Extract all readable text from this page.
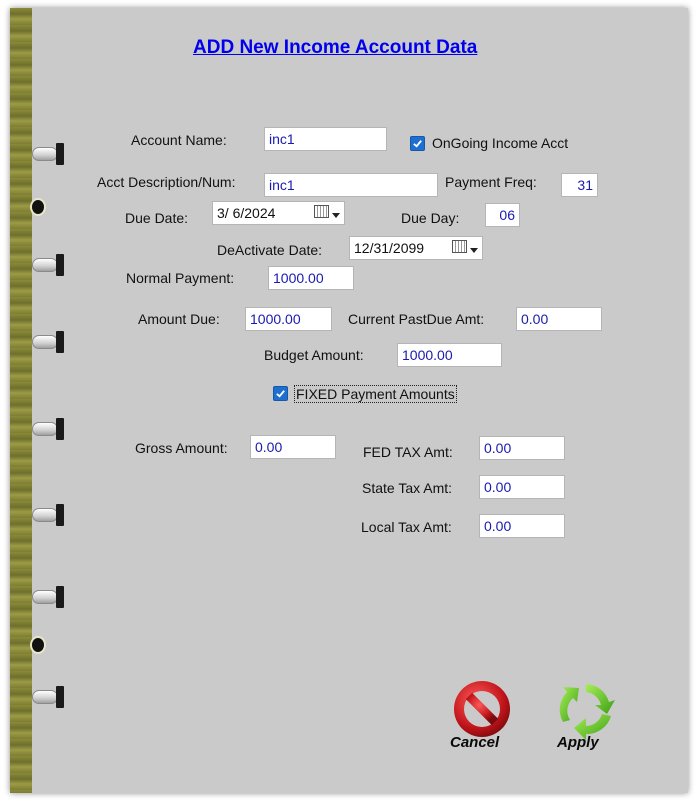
ADD New Income Account Data
Account Name:
inc1	OnGoing Income Acct
Acct Description/Num:
inc1	Payment Freq:
31
Due Date: 3/ 6/2024	Due Day:
06
DeActivate Date: 12/31/2099
Normal Payment:
1000.00
Amount Due:
1000.00	Current PastDue Amt:
0.00
Budget Amount:
1000.00
FIXED Payment Amounts
Gross Amount:
0.00	FED TAX Amt:
0.00
State Tax Amt:
0.00
Local Tax Amt:
0.00
Cancel	Apply
